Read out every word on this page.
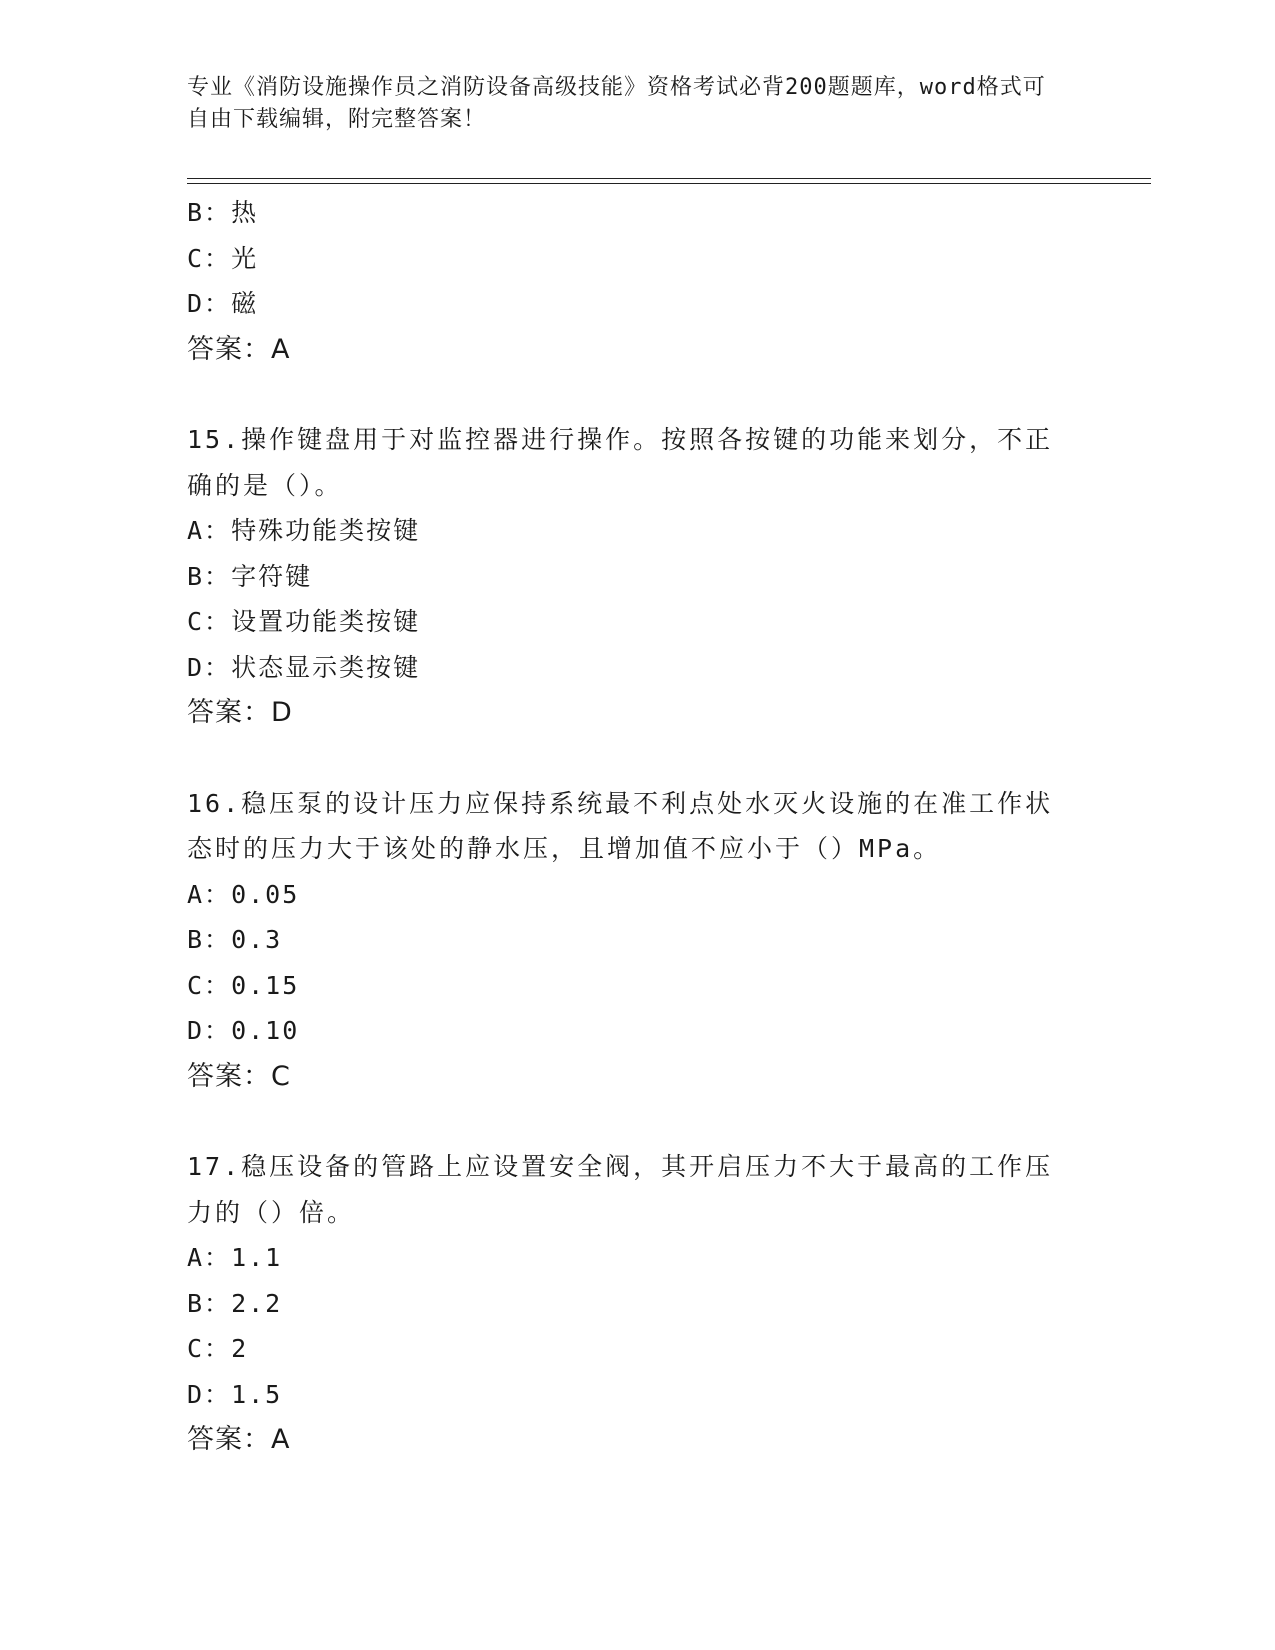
专业《消防设施操作员之消防设备高级技能》资格考试必背200题题库，word格式可自由下载编辑，附完整答案！
B：热
C：光
D：磁
答案：A
15.操作键盘用于对监控器进行操作。按照各按键的功能来划分，不正
确的是（）。
A：特殊功能类按键
B：字符键
C：设置功能类按键
D：状态显示类按键
答案：D
16.稳压泵的设计压力应保持系统最不利点处水灭火设施的在准工作状
态时的压力大于该处的静水压，且增加值不应小于（）MPa。
A：0.05
B：0.3
C：0.15
D：0.10
答案：C
17.稳压设备的管路上应设置安全阀，其开启压力不大于最高的工作压
力的（）倍。
A：1.1
B：2.2
C：2
D：1.5
答案：A
